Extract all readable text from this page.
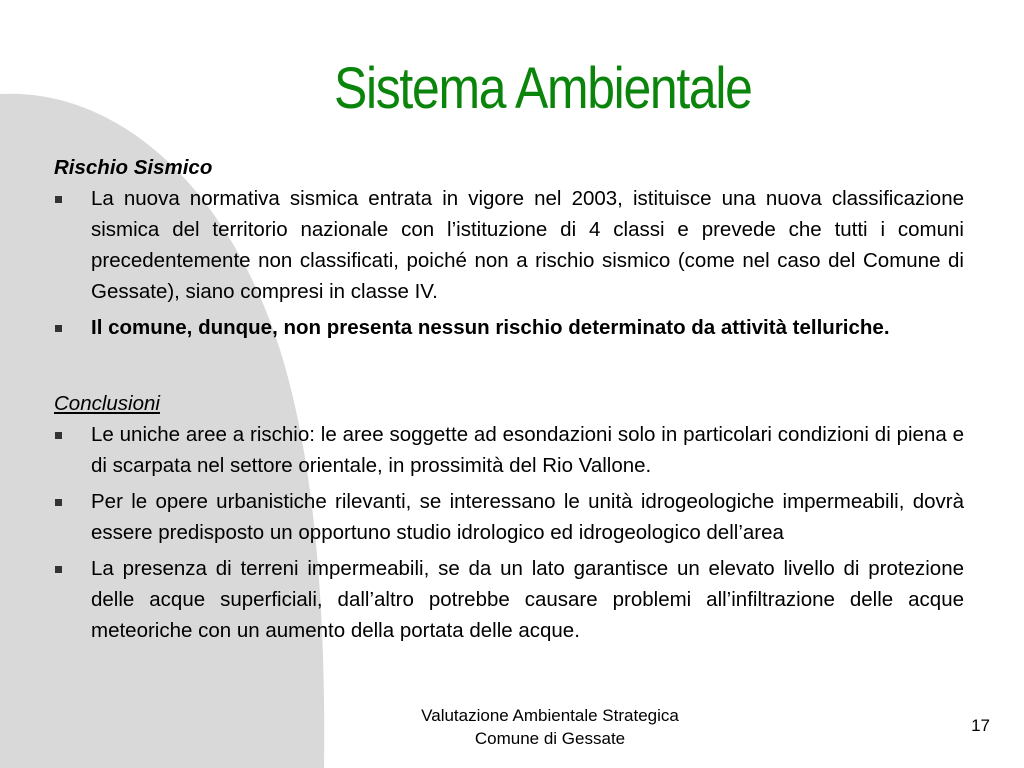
Sistema Ambientale
Rischio Sismico
La nuova normativa sismica entrata in vigore nel 2003, istituisce una nuova classificazione sismica del territorio nazionale con l’istituzione di 4 classi e prevede che tutti i comuni precedentemente non classificati, poiché non a rischio sismico (come nel caso del Comune di Gessate), siano compresi in classe IV.
Il comune, dunque, non presenta nessun rischio determinato da attività telluriche.
Conclusioni
Le uniche aree a rischio: le aree soggette ad esondazioni solo in particolari condizioni di piena e di scarpata nel settore orientale, in prossimità del Rio Vallone.
Per le opere urbanistiche rilevanti, se interessano le unità idrogeologiche impermeabili, dovrà essere predisposto un opportuno studio idrologico ed idrogeologico dell’area
La presenza di terreni impermeabili, se da un lato garantisce un elevato livello di protezione delle acque superficiali, dall’altro potrebbe causare problemi all’infiltrazione delle acque meteoriche con un aumento della portata delle acque.
Valutazione Ambientale Strategica
Comune di Gessate
17
